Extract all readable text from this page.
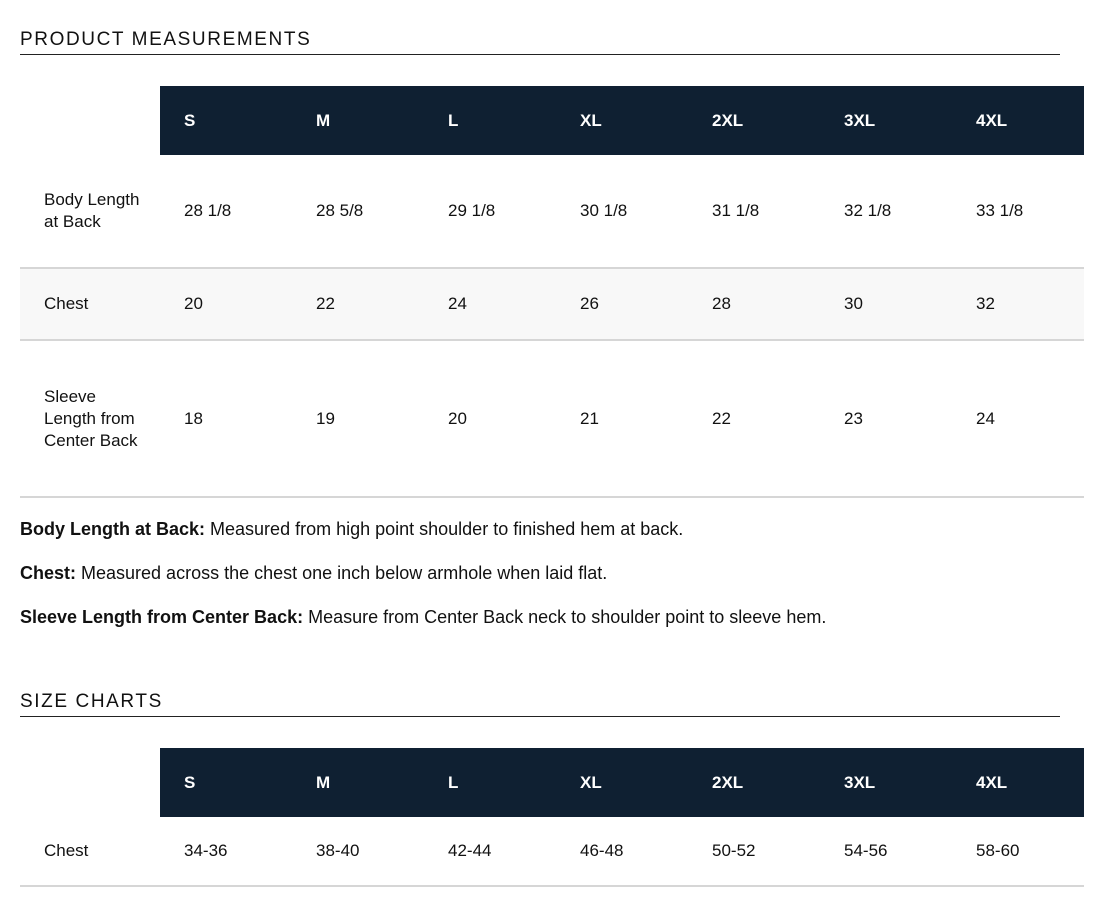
PRODUCT MEASUREMENTS
	S	M	L	XL	2XL	3XL	4XL
Body Length at Back	28 1/8	28 5/8	29 1/8	30 1/8	31 1/8	32 1/8	33 1/8
Chest	20	22	24	26	28	30	32
Sleeve Length from Center Back	18	19	20	21	22	23	24

Body Length at Back: Measured from high point shoulder to finished hem at back.

Chest: Measured across the chest one inch below armhole when laid flat.

Sleeve Length from Center Back: Measure from Center Back neck to shoulder point to sleeve hem.

SIZE CHARTS
	S	M	L	XL	2XL	3XL	4XL
Chest	34-36	38-40	42-44	46-48	50-52	54-56	58-60
